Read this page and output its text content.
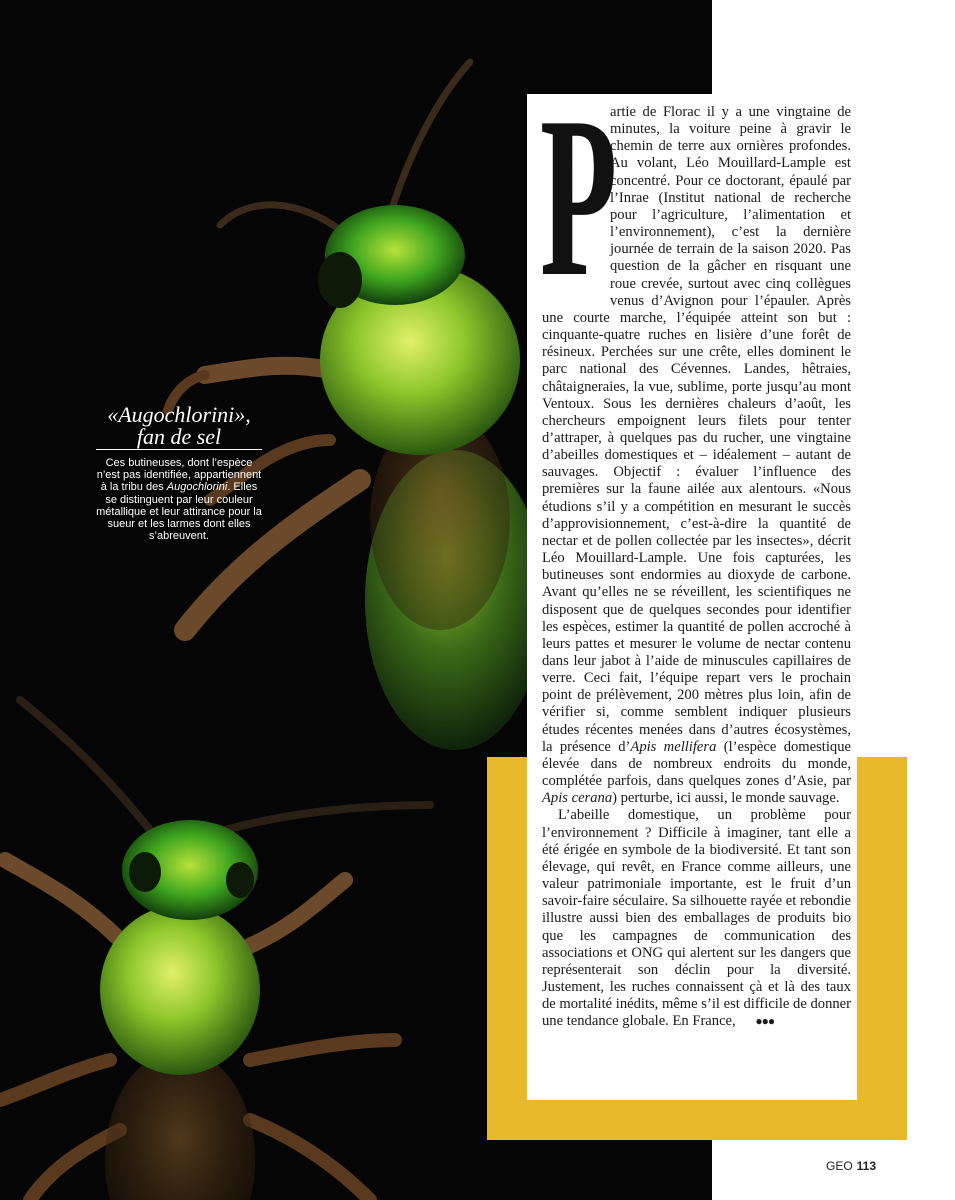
«Augochlorini»,
fan de sel

Ces butineuses, dont l’espèce n’est pas identifiée, appartiennent à la tribu des Augochlorini. Elles se distinguent par leur couleur métallique et leur attirance pour la sueur et les larmes dont elles s’abreuvent.

P
artie de Florac il y a une vingtaine de minutes, la voiture peine à gravir le chemin de terre aux ornières profondes. Au volant, Léo Mouillard-Lample est concentré. Pour ce doctorant, épaulé par l’Inrae (Institut national de recherche pour l’agriculture, l’alimentation et l’environnement), c’est la dernière journée de terrain de la saison 2020. Pas question de la gâcher en risquant une roue crevée, surtout avec cinq collègues venus d’Avignon pour l’épauler. Après une courte marche, l’équipée atteint son but : cinquante-quatre ruches en lisière d’une forêt de résineux. Perchées sur une crête, elles dominent le parc national des Cévennes. Landes, hêtraies, châtaigneraies, la vue, sublime, porte jusqu’au mont Ventoux. Sous les dernières chaleurs d’août, les chercheurs empoignent leurs filets pour tenter d’attraper, à quelques pas du rucher, une vingtaine d’abeilles domestiques et – idéalement – autant de sauvages. Objectif : évaluer l’influence des premières sur la faune ailée aux alentours. «Nous étudions s’il y a compétition en mesurant le succès d’approvisionnement, c’est-à-dire la quantité de nectar et de pollen collectée par les insectes», décrit Léo Mouillard-Lample. Une fois capturées, les butineuses sont endormies au dioxyde de carbone. Avant qu’elles ne se réveillent, les scientifiques ne disposent que de quelques secondes pour identifier les espèces, estimer la quantité de pollen accroché à leurs pattes et mesurer le volume de nectar contenu dans leur jabot à l’aide de minuscules capillaires de verre. Ceci fait, l’équipe repart vers le prochain point de prélèvement, 200 mètres plus loin, afin de vérifier si, comme semblent indiquer plusieurs études récentes menées dans d’autres écosystèmes, la présence d’Apis mellifera (l’espèce domestique élevée dans de nombreux endroits du monde, complétée parfois, dans quelques zones d’Asie, par Apis cerana) perturbe, ici aussi, le monde sauvage.

L’abeille domestique, un problème pour l’environnement ? Difficile à imaginer, tant elle a été érigée en symbole de la biodiversité. Et tant son élevage, qui revêt, en France comme ailleurs, une valeur patrimoniale importante, est le fruit d’un savoir-faire séculaire. Sa silhouette rayée et rebondie illustre aussi bien des emballages de produits bio que les campagnes de communication des associations et ONG qui alertent sur les dangers que représenterait son déclin pour la diversité. Justement, les ruches connaissent çà et là des taux de mortalité inédits, même s’il est difficile de donner une tendance globale. En France, ●●●

GEO 113
